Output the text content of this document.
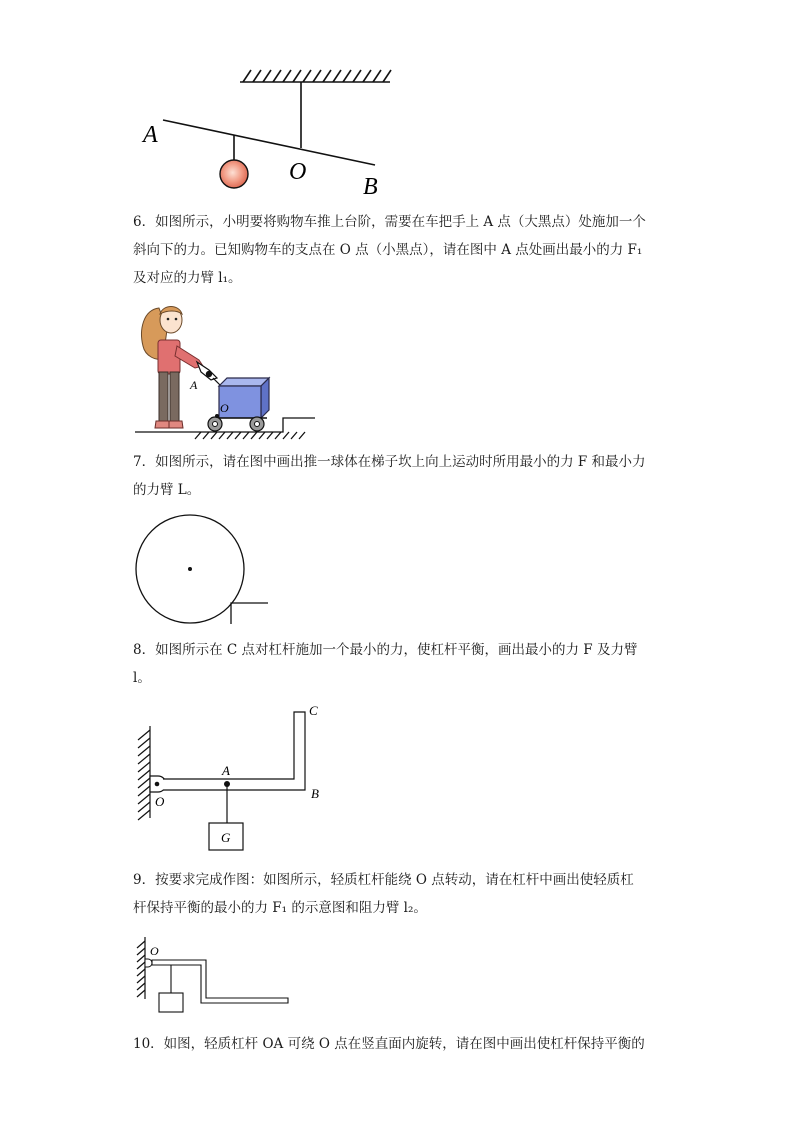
A
O
B
6．如图所示，小明要将购物车推上台阶，需要在车把手上 A 点（大黑点）处施加一个
斜向下的力。已知购物车的支点在 O 点（小黑点），请在图中 A 点处画出最小的力 F₁
及对应的力臂 l₁。
A
O
7．如图所示，请在图中画出推一球体在梯子坎上向上运动时所用最小的力 F 和最小力
的力臂 L。
8．如图所示在 C 点对杠杆施加一个最小的力，使杠杆平衡，画出最小的力 F 及力臂
l。
C
A
O
B
G
9．按要求完成作图：如图所示，轻质杠杆能绕 O 点转动，请在杠杆中画出使轻质杠
杆保持平衡的最小的力 F₁ 的示意图和阻力臂 l₂。
O
10．如图，轻质杠杆 OA 可绕 O 点在竖直面内旋转，请在图中画出使杠杆保持平衡的
